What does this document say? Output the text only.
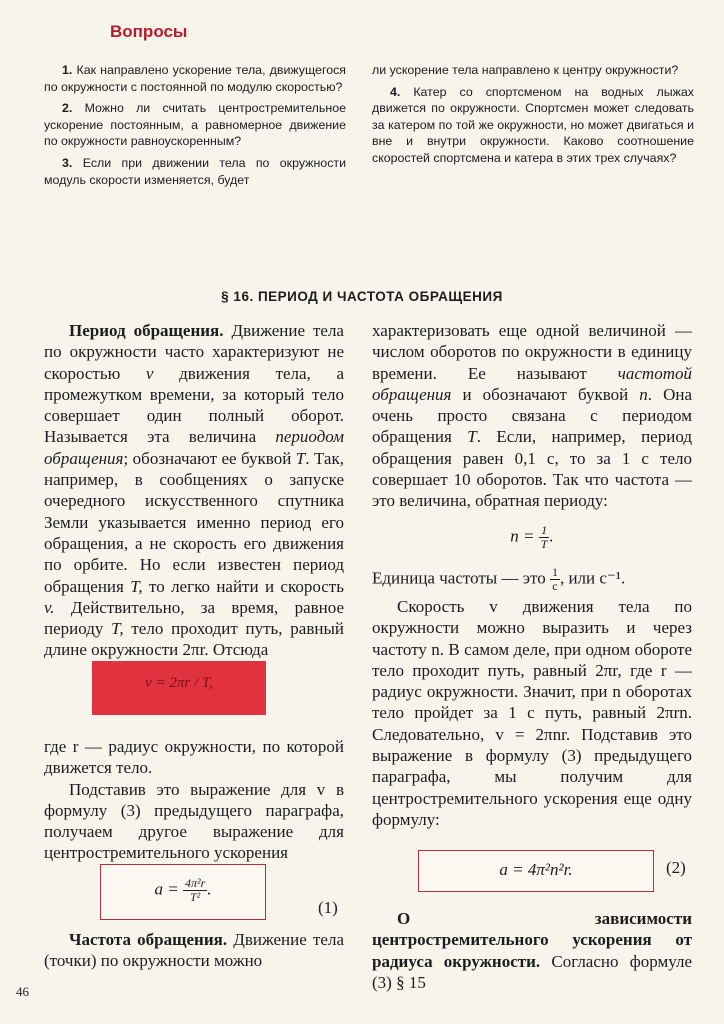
Вопросы

1. Как направлено ускорение тела, движущегося по окружности с постоянной по модулю скоростью?

2. Можно ли считать центростремительное ускорение постоянным, а равномерное движение по окружности равноускоренным?

3. Если при движении тела по окружности модуль скорости изменяется, будет

ли ускорение тела направлено к центру окружности?

4. Катер со спортсменом на водных лыжах движется по окружности. Спортсмен может следовать за катером по той же окружности, но может двигаться и вне и внутри окружности. Каково соотношение скоростей спортсмена и катера в этих трех случаях?

§ 16. ПЕРИОД И ЧАСТОТА ОБРАЩЕНИЯ

Период обращения. Движение тела по окружности часто характеризуют не скоростью v движения тела, а промежутком времени, за который тело совершает один полный оборот. Называется эта величина периодом обращения; обозначают ее буквой T. Так, например, в сообщениях о запуске очередного искусственного спутника Земли указывается именно период его обращения, а не скорость его движения по орбите. Но если известен период обращения T, то легко найти и скорость v. Действительно, за время, равное периоду T, тело проходит путь, равный длине окружности 2πr. Отсюда

v = 2πr / T,

где r — радиус окружности, по которой движется тело.

Подставив это выражение для v в формулу (3) предыдущего параграфа, получаем другое выражение для центростремительного ускорения

$a = \frac{\text{4π²r}}{\text{T²}}$ .
(1)

Частота обращения. Движение тела (точки) по окружности можно

46

характеризовать еще одной величиной — числом оборотов по окружности в единицу времени. Ее называют частотой обращения и обозначают буквой n. Она очень просто связана с периодом обращения T. Если, например, период обращения равен 0,1 с, то за 1 с тело совершает 10 оборотов. Так что частота — это величина, обратная периоду:

$n = \frac{1}{T}$ .
Единица частоты — это $\frac{1}{с}$ , или с⁻¹.

Скорость v движения тела по окружности можно выразить и через частоту n. В самом деле, при одном обороте тело проходит путь, равный 2πr, где r — радиус окружности. Значит, при n оборотах тело пройдет за 1 с путь, равный 2πrn. Следовательно, v = 2πnr. Подставив это выражение в формулу (3) предыдущего параграфа, мы получим для центростремительного ускорения еще одну формулу:

a = 4π²n²r.	(2)

О зависимости центростремительного ускорения от радиуса окружности. Согласно формуле (3) § 15
